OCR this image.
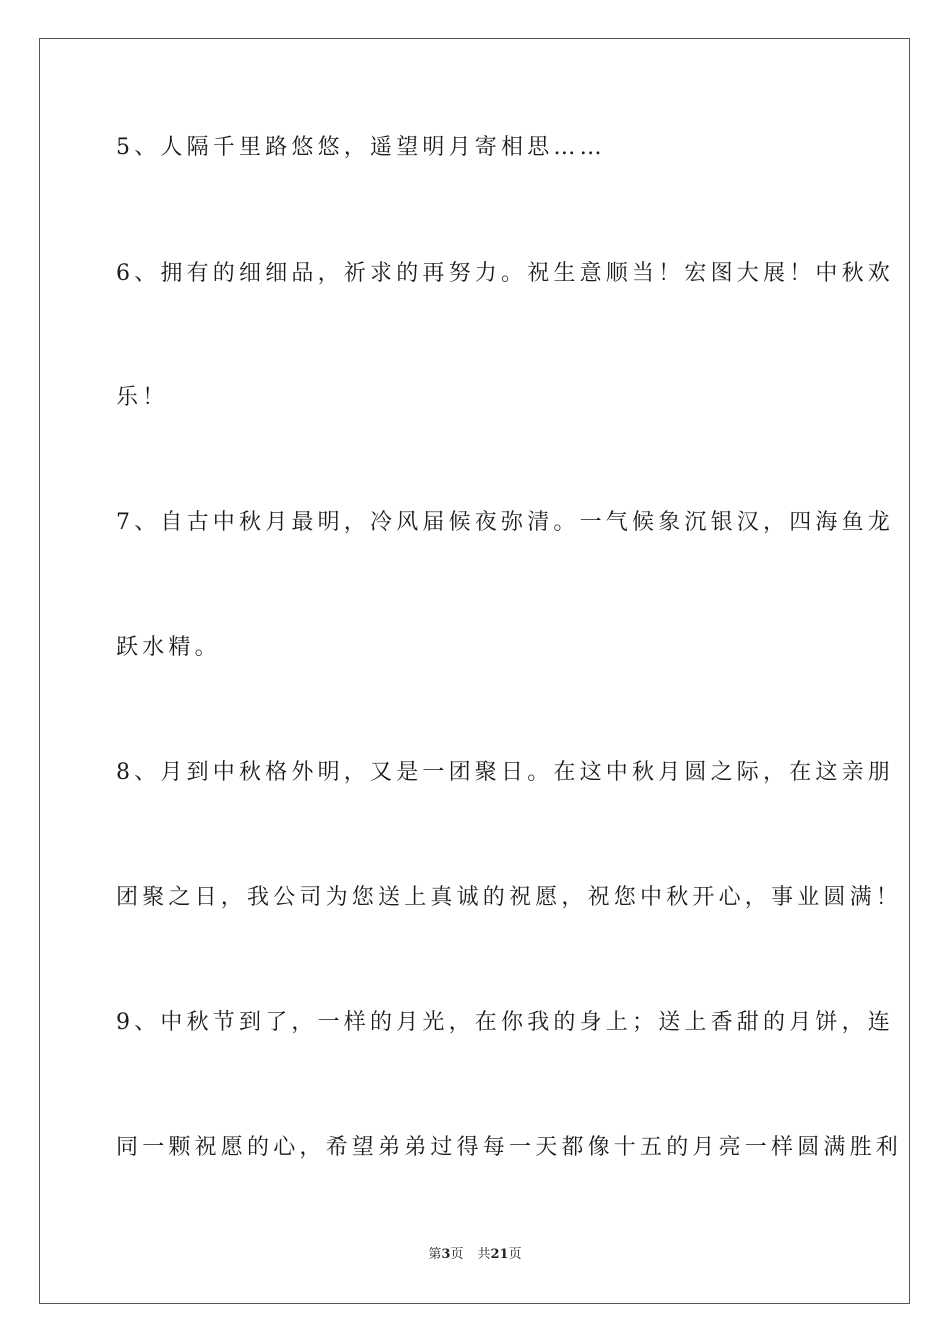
5、人隔千里路悠悠，遥望明月寄相思……
6、拥有的细细品，祈求的再努力。祝生意顺当！宏图大展！中秋欢
乐！
7、自古中秋月最明，冷风届候夜弥清。一气候象沉银汉，四海鱼龙
跃水精。
8、月到中秋格外明，又是一团聚日。在这中秋月圆之际，在这亲朋
团聚之日，我公司为您送上真诚的祝愿，祝您中秋开心，事业圆满！
9、中秋节到了，一样的月光，在你我的身上；送上香甜的月饼，连
同一颗祝愿的心，希望弟弟过得每一天都像十五的月亮一样圆满胜利
第3页 共21页
